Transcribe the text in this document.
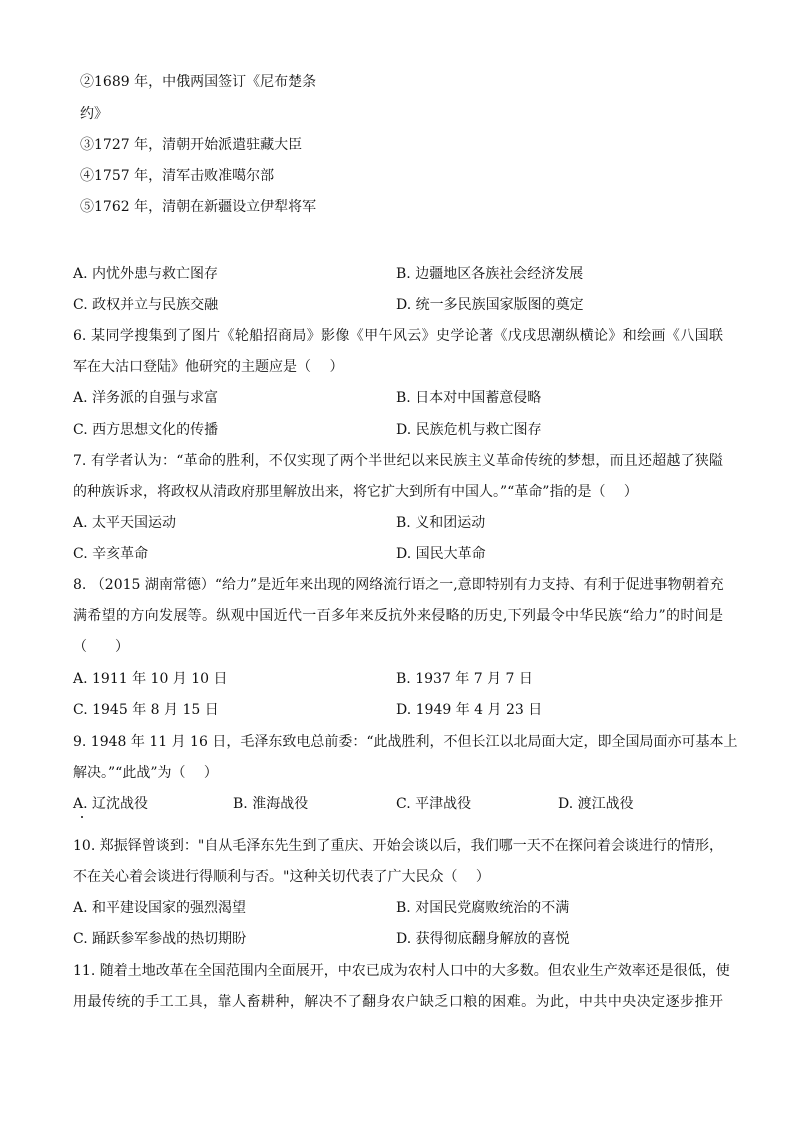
②1689 年，中俄两国签订《尼布楚条
约》
③1727 年，清朝开始派遣驻藏大臣
④1757 年，清军击败准噶尔部
⑤1762 年，清朝在新疆设立伊犁将军
A. 内忧外患与救亡图存	B. 边疆地区各族社会经济发展
C. 政权并立与民族交融	D. 统一多民族国家版图的奠定
6. 某同学搜集到了图片《轮船招商局》影像《甲午风云》史学论著《戊戌思潮纵横论》和绘画《八国联
军在大沽口登陆》他研究的主题应是（　 ）
A. 洋务派的自强与求富	B. 日本对中国蓄意侵略
C. 西方思想文化的传播	D. 民族危机与救亡图存
7. 有学者认为：“革命的胜利，不仅实现了两个半世纪以来民族主义革命传统的梦想，而且还超越了狭隘
的种族诉求，将政权从清政府那里解放出来，将它扩大到所有中国人。”“革命”指的是（　 ）
A. 太平天国运动	B. 义和团运动
C. 辛亥革命	D. 国民大革命
8. （2015 湖南常德）“给力”是近年来出现的网络流行语之一,意即特别有力支持、有利于促进事物朝着充
满希望的方向发展等。纵观中国近代一百多年来反抗外来侵略的历史,下列最令中华民族“给力”的时间是
（　　）
A. 1911 年 10 月 10 日	B. 1937 年 7 月 7 日
C. 1945 年 8 月 15 日	D. 1949 年 4 月 23 日
9. 1948 年 11 月 16 日，毛泽东致电总前委：“此战胜利，不但长江以北局面大定，即全国局面亦可基本上
解决。”“此战”为（　 ）
A. 辽沈战役	B. 淮海战役	C. 平津战役	D. 渡江战役
10. 郑振铎曾谈到："自从毛泽东先生到了重庆、开始会谈以后，我们哪一天不在探问着会谈进行的情形，
不在关心着会谈进行得顺利与否。"这种关切代表了广大民众（　 ）
A. 和平建设国家的强烈渴望	B. 对国民党腐败统治的不满
C. 踊跃参军参战的热切期盼	D. 获得彻底翻身解放的喜悦
11. 随着土地改革在全国范围内全面展开，中农已成为农村人口中的大多数。但农业生产效率还是很低，使
用最传统的手工工具，靠人畜耕种，解决不了翻身农户缺乏口粮的困难。为此，中共中央决定逐步推开
